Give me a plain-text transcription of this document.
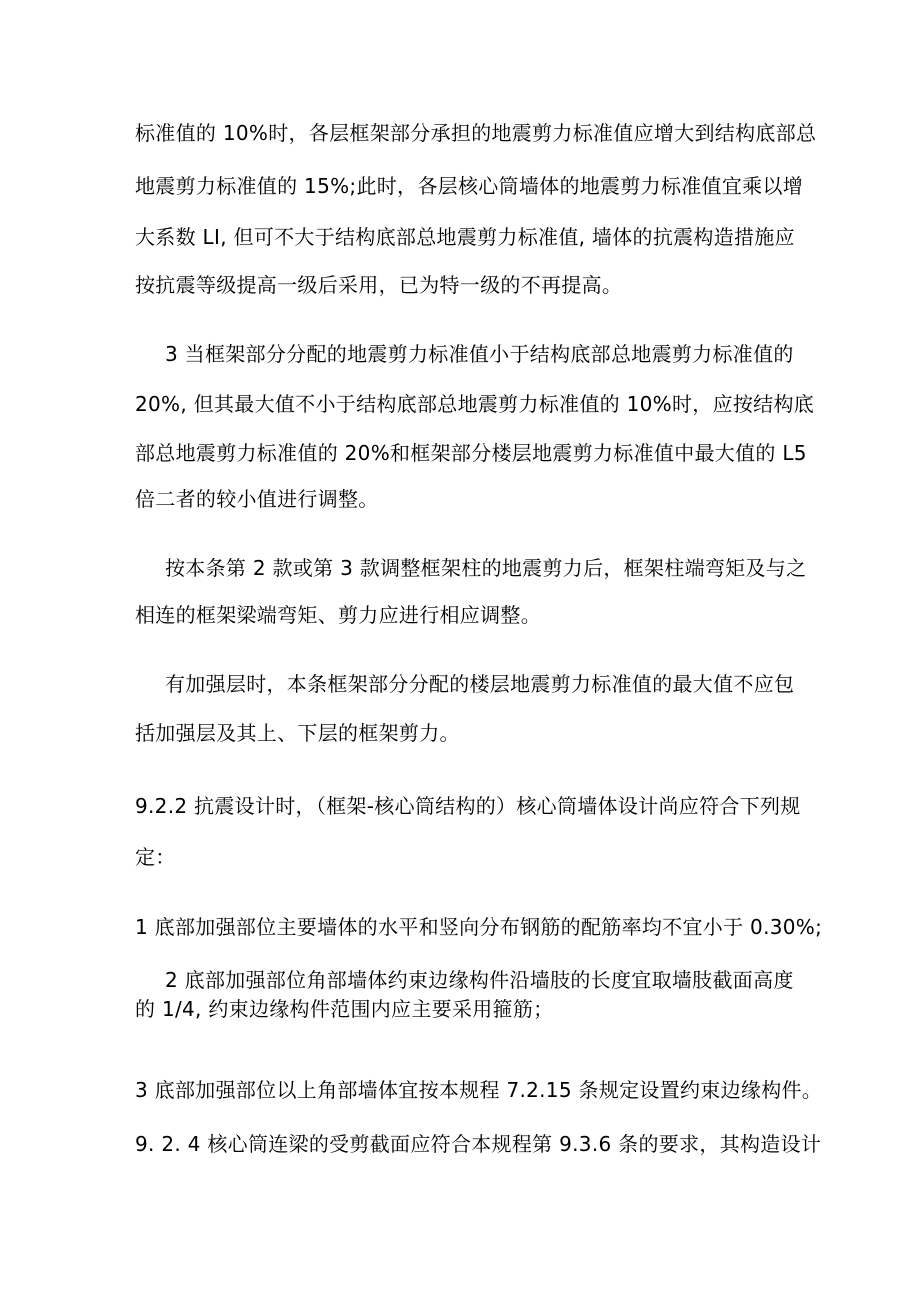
标准值的 10%时，各层框架部分承担的地震剪力标准值应增大到结构底部总
地震剪力标准值的 15%;此时，各层核心筒墙体的地震剪力标准值宜乘以增
大系数 LI, 但可不大于结构底部总地震剪力标准值, 墙体的抗震构造措施应
按抗震等级提高一级后采用，已为特一级的不再提高。
3 当框架部分分配的地震剪力标准值小于结构底部总地震剪力标准值的
20%, 但其最大值不小于结构底部总地震剪力标准值的 10%时，应按结构底
部总地震剪力标准值的 20%和框架部分楼层地震剪力标准值中最大值的 L5
倍二者的较小值进行调整。
按本条第 2 款或第 3 款调整框架柱的地震剪力后，框架柱端弯矩及与之
相连的框架梁端弯矩、剪力应进行相应调整。
有加强层时，本条框架部分分配的楼层地震剪力标准值的最大值不应包
括加强层及其上、下层的框架剪力。
9.2.2 抗震设计时，（框架-核心筒结构的）核心筒墙体设计尚应符合下列规
定：
1 底部加强部位主要墙体的水平和竖向分布钢筋的配筋率均不宜小于 0.30%;
2 底部加强部位角部墙体约束边缘构件沿墙肢的长度宜取墙肢截面高度
的 1/4, 约束边缘构件范围内应主要采用箍筋；
3 底部加强部位以上角部墙体宜按本规程 7.2.15 条规定设置约束边缘构件。
9. 2. 4 核心筒连梁的受剪截面应符合本规程第 9.3.6 条的要求，其构造设计
